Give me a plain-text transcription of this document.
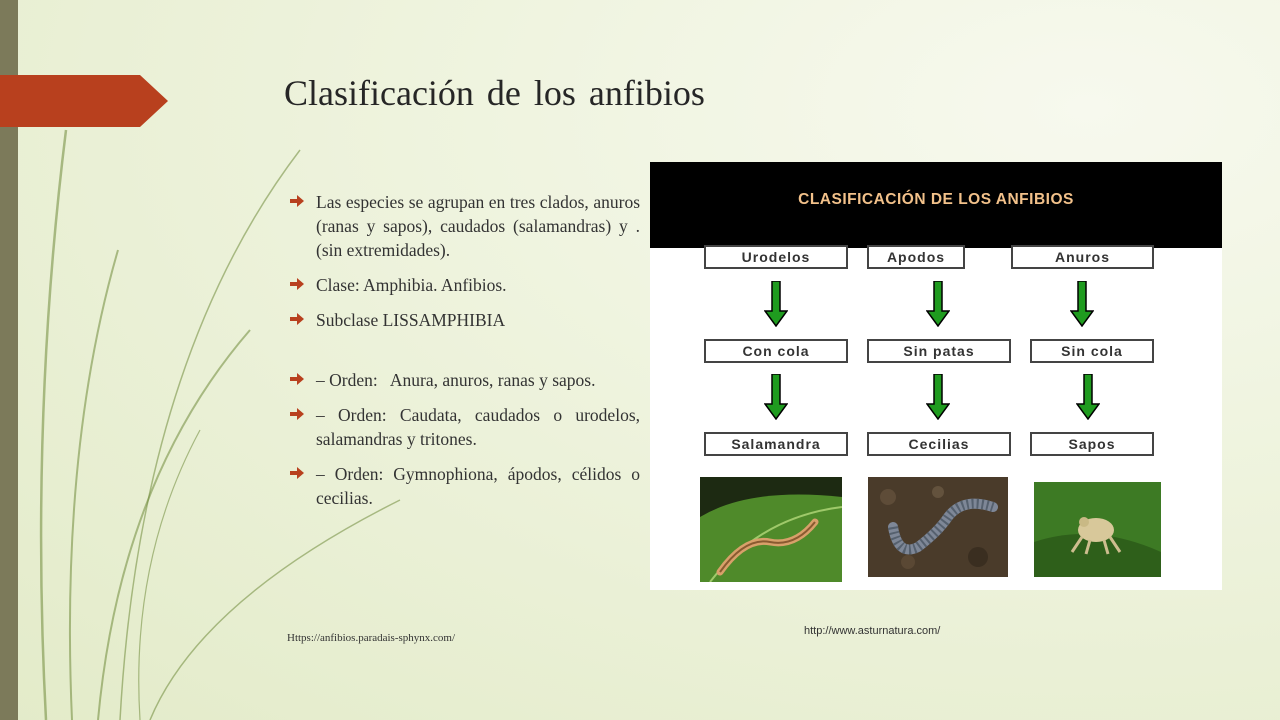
Clasificación de los anfibios
Las especies se agrupan en tres clados, anuros (ranas y sapos), caudados (salamandras) y .(sin extremidades).
Clase: Amphibia. Anfibios.
Subclase LISSAMPHIBIA
– Orden:   Anura, anuros, ranas y sapos.
– Orden: Caudata, caudados o urodelos, salamandras y tritones.
– Orden: Gymnophiona, ápodos, célidos o cecilias.
Https://anfibios.paradais-sphynx.com/
http://www.asturnatura.com/
CLASIFICACIÓN DE LOS ANFIBIOS
Urodelos	Apodos	Anuros
Con cola	Sin patas	Sin cola
Salamandra	Cecilias	Sapos
